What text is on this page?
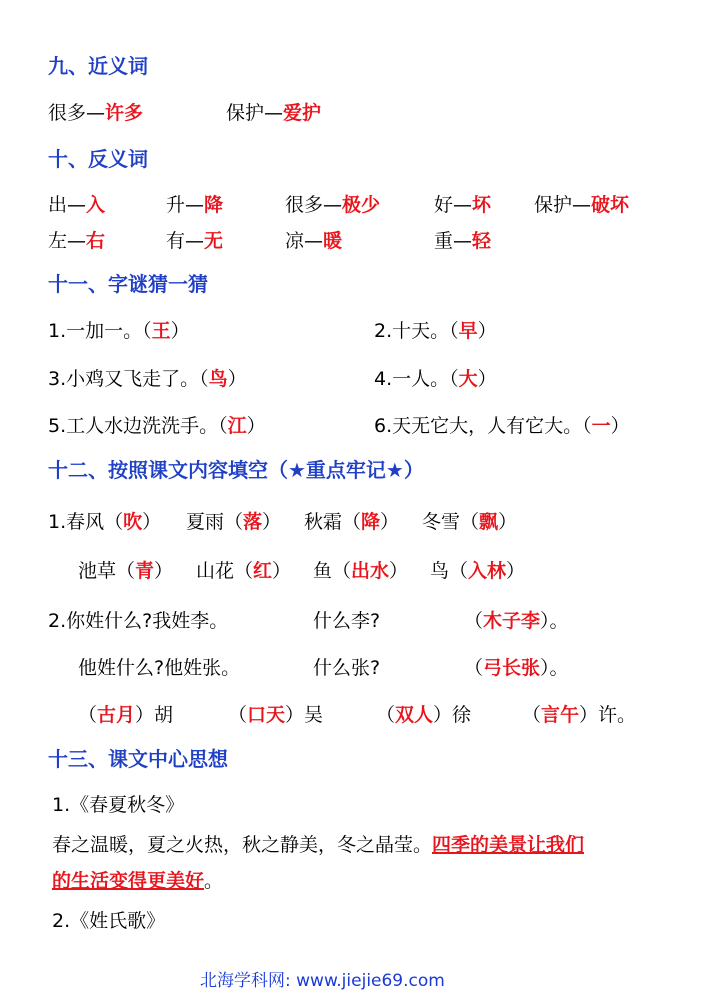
九、近义词
很多—许多	保护—爱护
十、反义词
出—入	升—降	很多—极少	好—坏 保护—破坏
左—右	有—无	凉—暖	重—轻
十一、字谜猜一猜
1.一加一。（王）	2.十天。（早）
3.小鸡又飞走了。（鸟）	4.一人。（大）
5.工人水边洗洗手。（江）	6.天无它大，人有它大。（一）
十二、按照课文内容填空（★重点牢记★）
1.春风（吹） 夏雨（落） 秋霜（降） 冬雪（飘）
池草（青） 山花（红） 鱼（出水） 鸟（入林）
2.你姓什么?我姓李。	什么李?	（木子李）。
他姓什么?他姓张。	什么张?	（弓长张）。
（古月）胡	（口天）吴	（双人）徐	（言午）许。
十三、课文中心思想
1.《春夏秋冬》
春之温暖，夏之火热，秋之静美，冬之晶莹。四季的美景让我们
的生活变得更美好。
2.《姓氏歌》
北海学科网: www.jiejie69.com
